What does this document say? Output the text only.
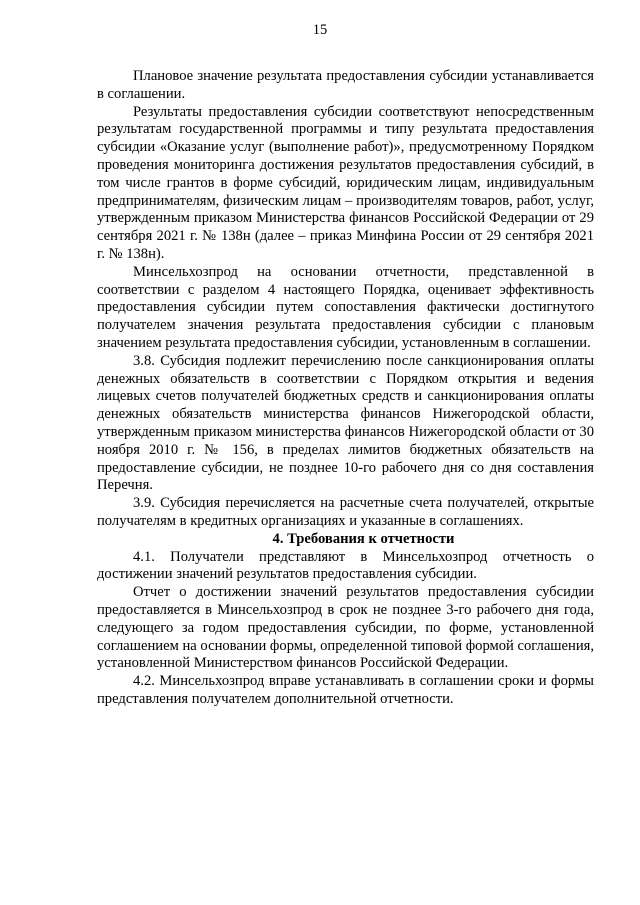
15

Плановое значение результата предоставления субсидии устанавливается в соглашении.

Результаты предоставления субсидии соответствуют непосредственным результатам государственной программы и типу результата предоставления субсидии «Оказание услуг (выполнение работ)», предусмотренному Порядком проведения мониторинга достижения результатов предоставления субсидий, в том числе грантов в форме субсидий, юридическим лицам, индивидуальным предпринимателям, физическим лицам – производителям товаров, работ, услуг, утвержденным приказом Министерства финансов Российской Федерации от 29 сентября 2021 г. № 138н (далее – приказ Минфина России от 29 сентября 2021 г. № 138н).

Минсельхозпрод на основании отчетности, представленной в соответствии с разделом 4 настоящего Порядка, оценивает эффективность предоставления субсидии путем сопоставления фактически достигнутого получателем значения результата предоставления субсидии с плановым значением результата предоставления субсидии, установленным в соглашении.

3.8. Субсидия подлежит перечислению после санкционирования оплаты денежных обязательств в соответствии с Порядком открытия и ведения лицевых счетов получателей бюджетных средств и санкционирования оплаты денежных обязательств министерства финансов Нижегородской области, утвержденным приказом министерства финансов Нижегородской области от 30 ноября 2010 г. № 156, в пределах лимитов бюджетных обязательств на предоставление субсидии, не позднее 10-го рабочего дня со дня составления Перечня.

3.9. Субсидия перечисляется на расчетные счета получателей, открытые получателям в кредитных организациях и указанные в соглашениях.

4. Требования к отчетности

4.1. Получатели представляют в Минсельхозпрод отчетность о достижении значений результатов предоставления субсидии.

Отчет о достижении значений результатов предоставления субсидии предоставляется в Минсельхозпрод в срок не позднее 3-го рабочего дня года, следующего за годом предоставления субсидии, по форме, установленной соглашением на основании формы, определенной типовой формой соглашения, установленной Министерством финансов Российской Федерации.

4.2. Минсельхозпрод вправе устанавливать в соглашении сроки и формы представления получателем дополнительной отчетности.
